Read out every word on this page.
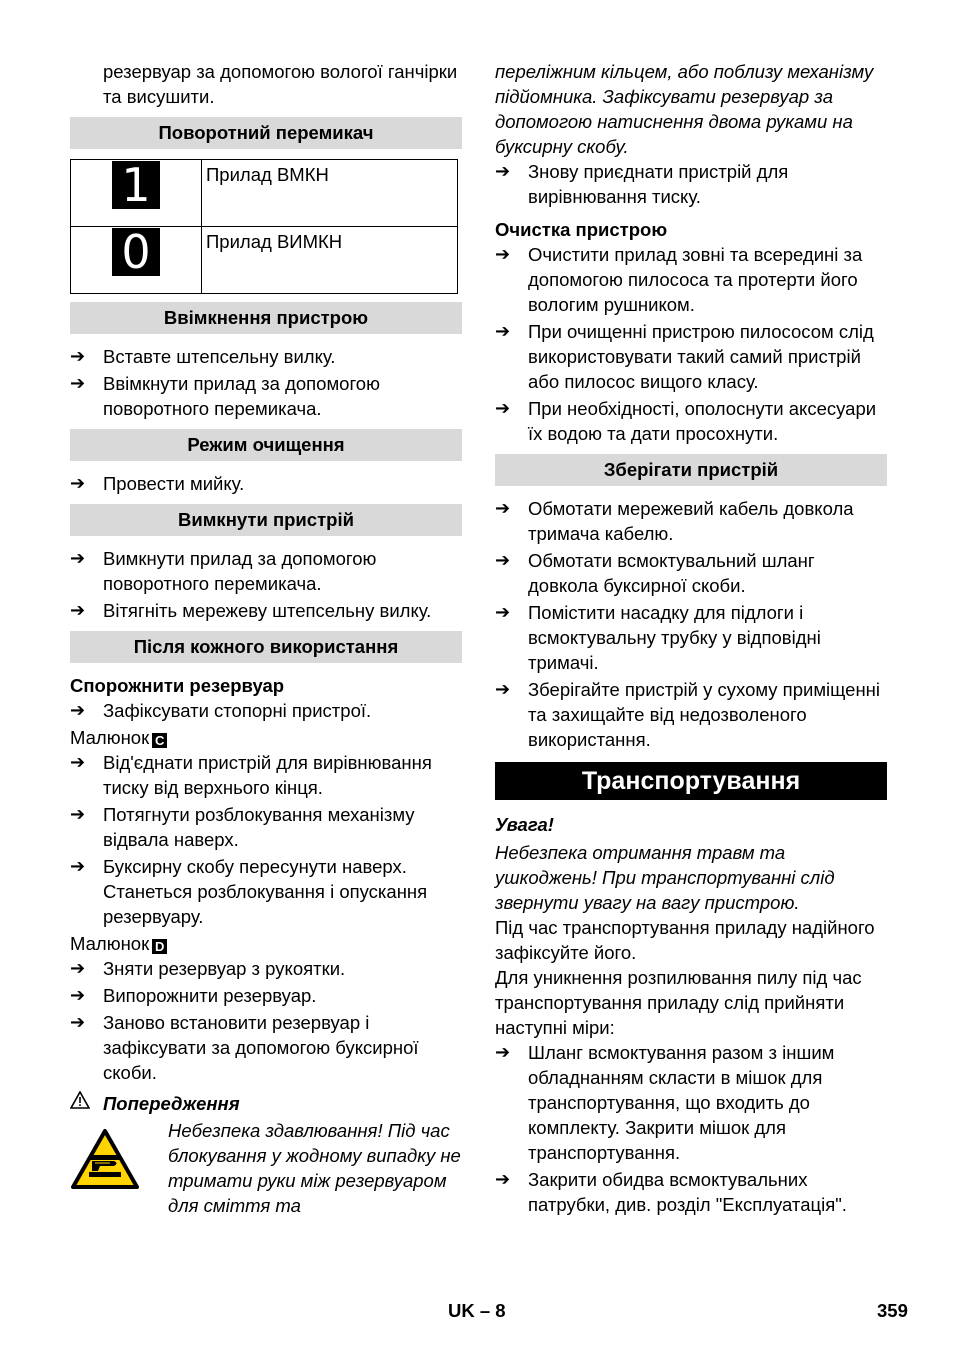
резервуар за допомогою вологої ганчірки та висушити.

Поворотний перемикач
1	Прилад ВМКН
0	Прилад ВИМКН
Ввімкнення пристрою
➔ Вставте штепсельну вилку.
➔ Ввімкнути прилад за допомогою поворотного перемикача.
Режим очищення
➔ Провести мийку.
Вимкнути пристрій
➔ Вимкнути прилад за допомогою поворотного перемикача.
➔ Вітягніть мережеву штепсельну вилку.
Після кожного використання
Спорожнити резервуар
➔ Зафіксувати стопорні пристрої.

Малюнок C

➔ Від'єднати пристрій для вирівнювання тиску від верхнього кінця.
➔ Потягнути розблокування механізму відвала наверх.
➔ Буксирну скобу пересунути наверх. Станеться розблокування і опускання резервуару.

Малюнок D

➔ Зняти резервуар з рукоятки.
➔ Випорожнити резервуар.
➔ Заново встановити резервуар і зафіксувати за допомогою буксирної скоби.
Попередження
Небезпека здавлювання! Під час блокування у жодному випадку не тримати руки між резервуаром для сміття та

переліжним кільцем, або поблизу механізму підйомника. Зафіксувати резервуар за допомогою натиснення двома руками на буксирну скобу.

➔ Знову приєднати пристрій для вирівнювання тиску.
Очистка пристрою
➔ Очистити прилад зовні та всередині за допомогою пилососа та протерти його вологим рушником.
➔ При очищенні пристрою пилососом слід використовувати такий самий пристрій або пилосос вищого класу.
➔ При необхідності, ополоснути аксесуари їх водою та дати просохнути.
Зберігати пристрій
➔ Обмотати мережевий кабель довкола тримача кабелю.
➔ Обмотати всмоктувальний шланг довкола буксирної скоби.
➔ Помістити насадку для підлоги і всмоктувальну трубку у відповідні тримачі.
➔ Зберігайте пристрій у сухому приміщенні та захищайте від недозволеного використання.
Транспортування

Увага!

Небезпека отримання травм та ушкоджень! При транспортуванні слід звернути увагу на вагу пристрою.

Під час транспортування приладу надійного зафіксуйте його.

Для уникнення розпилювання пилу під час транспортування приладу слід прийняти наступні міри:

➔ Шланг всмоктування разом з іншим обладнанням скласти в мішок для транспортування, що входить до комплекту. Закрити мішок для транспортування.
➔ Закрити обидва всмоктувальних патрубки, див. розділ "Експлуатація".
UK – 8	359
